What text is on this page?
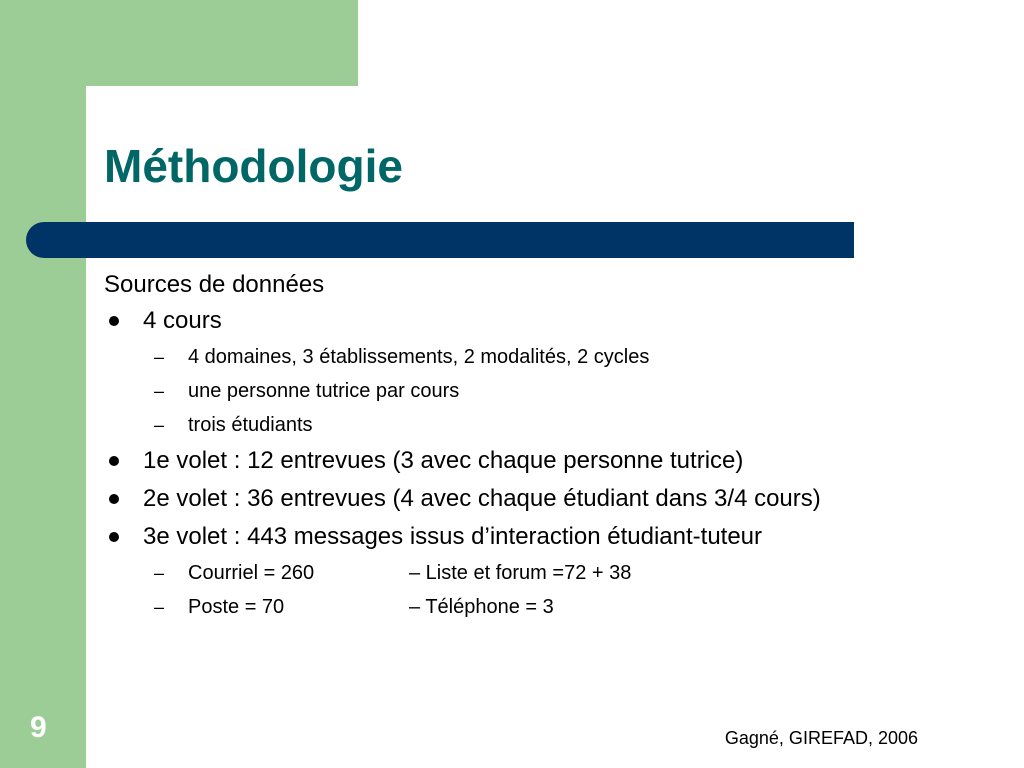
Méthodologie

Sources de données

4 cours
– 4 domaines, 3 établissements, 2 modalités, 2 cycles
– une personne tutrice par cours
– trois étudiants
1e volet : 12 entrevues (3 avec chaque personne tutrice)
2e volet : 36 entrevues (4 avec chaque étudiant dans 3/4 cours)
3e volet : 443 messages issus d’interaction étudiant-tuteur
– Courriel = 260	– Liste et forum =72 + 38
– Poste = 70	– Téléphone = 3
9	Gagné, GIREFAD, 2006
